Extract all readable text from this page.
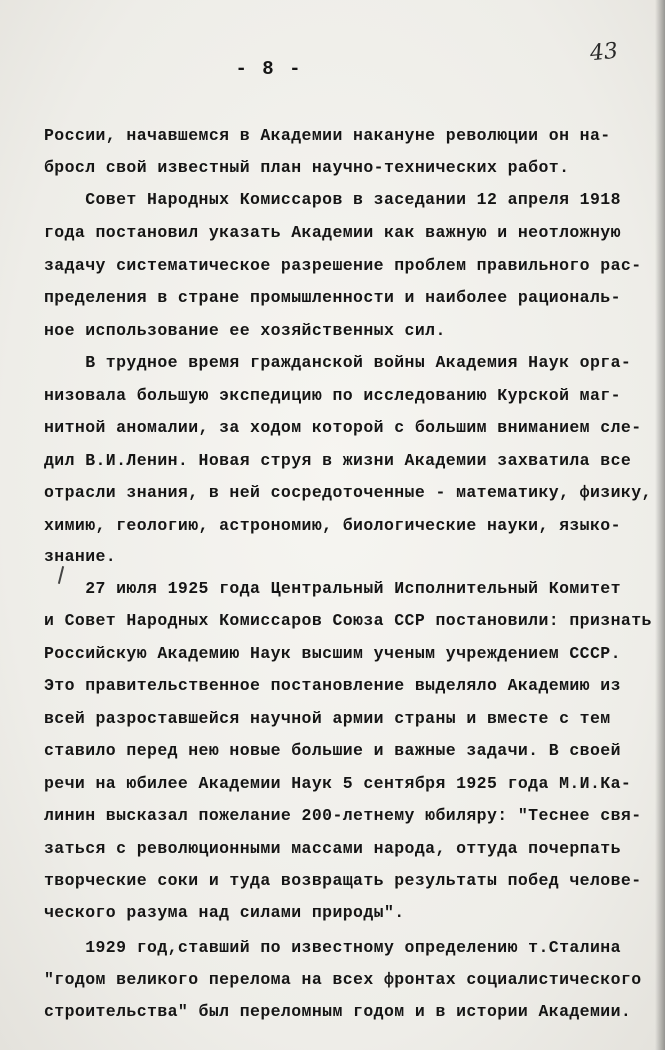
- 8 -
43
России, начавшемся в Академии накануне революции он на-
бросл свой известный план научно-технических работ.
Совет Народных Комиссаров в заседании 12 апреля 1918
года постановил указать Академии как важную и неотложную
задачу систематическое разрешение проблем правильного рас-
пределения в стране промышленности и наиболее рациональ-
ное использование ее хозяйственных сил.
В трудное время гражданской войны Академия Наук орга-
низовала большую экспедицию по исследованию Курской маг-
нитной аномалии, за ходом которой с большим вниманием сле-
дил В.И.Ленин. Новая струя в жизни Академии захватила все
отрасли знания, в ней сосредоточенные - математику, физику,
химию, геологию, астрономию, биологические науки, языко-
знание.
27 июля 1925 года Центральный Исполнительный Комитет
и Совет Народных Комиссаров Союза ССР постановили: признать
Российскую Академию Наук высшим ученым учреждением СССР.
Это правительственное постановление выделяло Академию из
всей разроставшейся научной армии страны и вместе с тем
ставило перед нею новые большие и важные задачи. В своей
речи на юбилее Академии Наук 5 сентября 1925 года М.И.Ка-
линин высказал пожелание 200-летнему юбиляру: "Теснее свя-
заться с революционными массами народа, оттуда почерпать
творческие соки и туда возвращать результаты побед челове-
ческого разума над силами природы".
1929 год,ставший по известному определению т.Сталина
"годом великого перелома на всех фронтах социалистического
строительства" был переломным годом и в истории Академии.
